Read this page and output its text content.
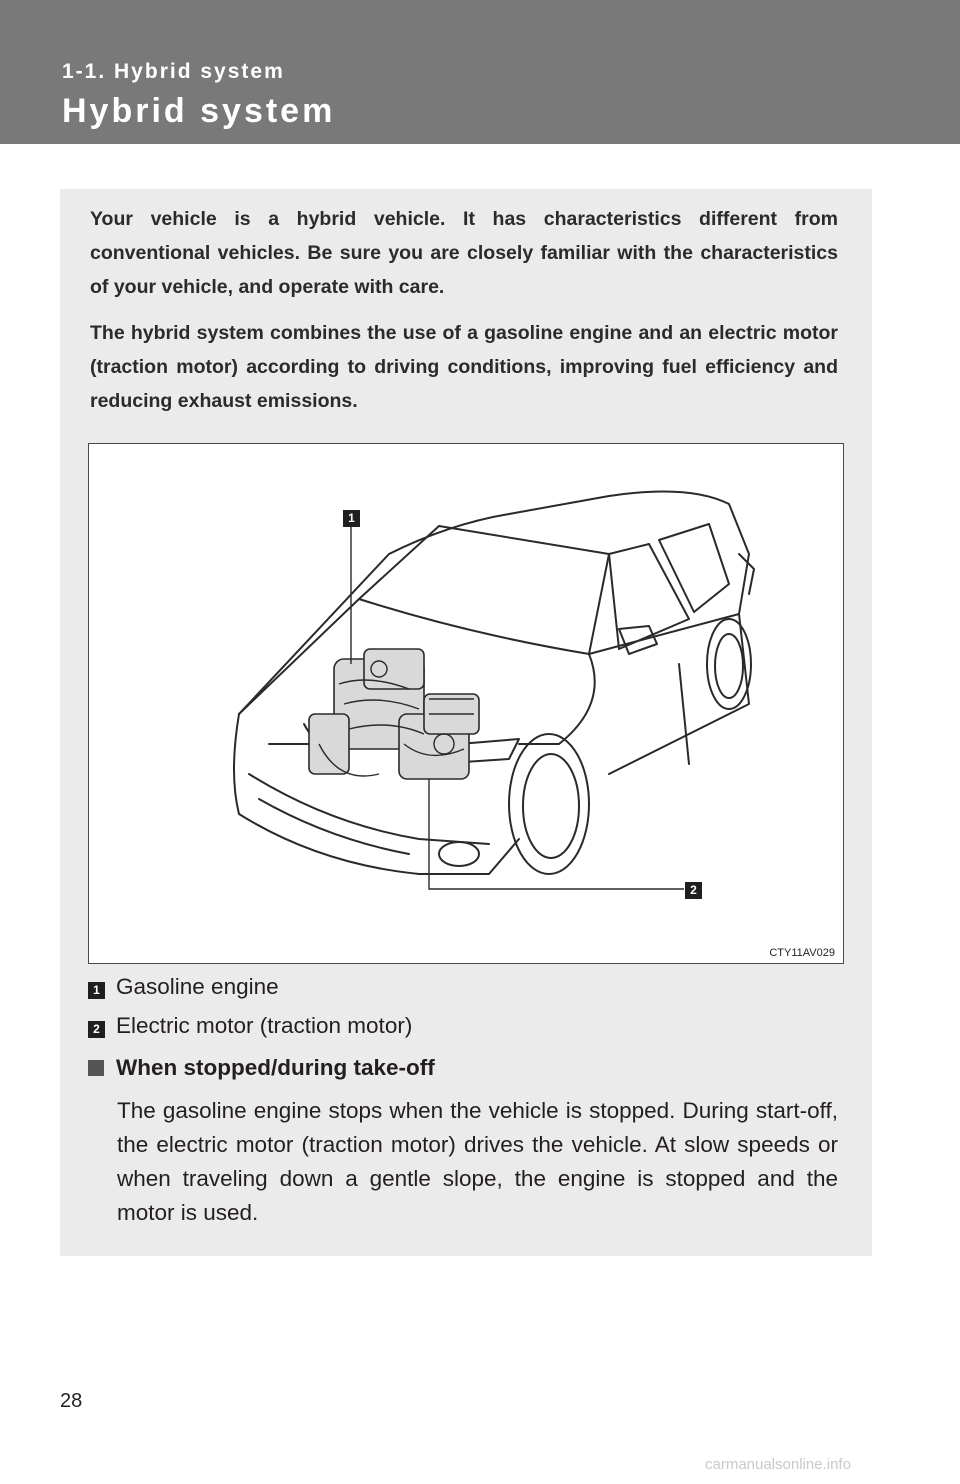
1-1. Hybrid system
Hybrid system
Your vehicle is a hybrid vehicle. It has characteristics different from conventional vehicles. Be sure you are closely familiar with the characteristics of your vehicle, and operate with care.
The hybrid system combines the use of a gasoline engine and an electric motor (traction motor) according to driving conditions, improving fuel efficiency and reducing exhaust emissions.
1
2
CTY11AV029
1 Gasoline engine
2 Electric motor (traction motor)
When stopped/during take-off
The gasoline engine stops when the vehicle is stopped. During start-off, the electric motor (traction motor) drives the vehicle. At slow speeds or when traveling down a gentle slope, the engine is stopped and the motor is used.
28
carmanualsonline.info
